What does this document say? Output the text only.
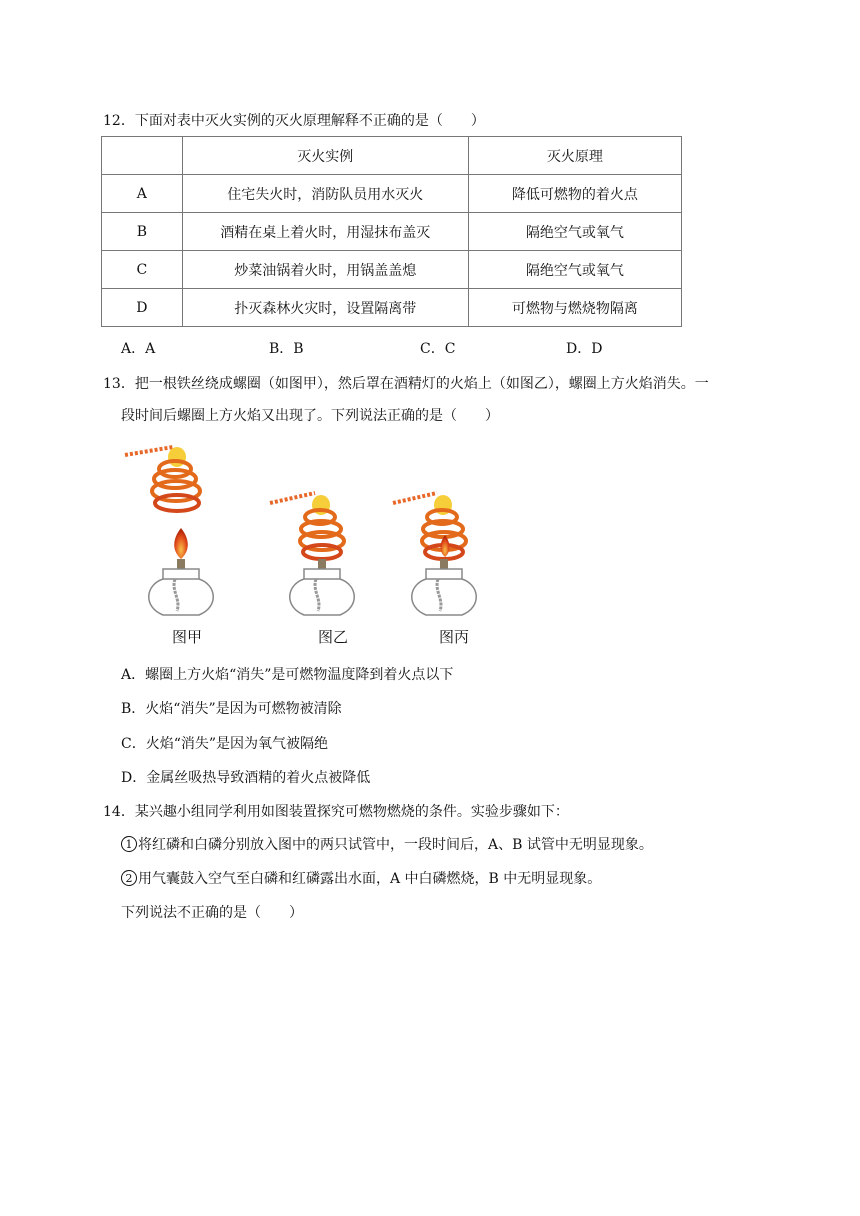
12．下面对表中灭火实例的灭火原理解释不正确的是（　　）
	灭火实例	灭火原理
A	住宅失火时，消防队员用水灭火	降低可燃物的着火点
B	酒精在桌上着火时，用湿抹布盖灭	隔绝空气或氧气
C	炒菜油锅着火时，用锅盖盖熄	隔绝空气或氧气
D	扑灭森林火灾时，设置隔离带	可燃物与燃烧物隔离
A．A	B．B	C．C	D．D
13．把一根铁丝绕成螺圈（如图甲），然后罩在酒精灯的火焰上（如图乙），螺圈上方火焰消失。一
段时间后螺圈上方火焰又出现了。下列说法正确的是（　　）
图甲	图乙	图丙
A．螺圈上方火焰“消失”是可燃物温度降到着火点以下
B．火焰“消失”是因为可燃物被清除
C．火焰“消失”是因为氧气被隔绝
D．金属丝吸热导致酒精的着火点被降低
14．某兴趣小组同学利用如图装置探究可燃物燃烧的条件。实验步骤如下：
1 将红磷和白磷分别放入图中的两只试管中，一段时间后，A、B 试管中无明显现象。
2 用气囊鼓入空气至白磷和红磷露出水面，A 中白磷燃烧，B 中无明显现象。
下列说法不正确的是（　　）
